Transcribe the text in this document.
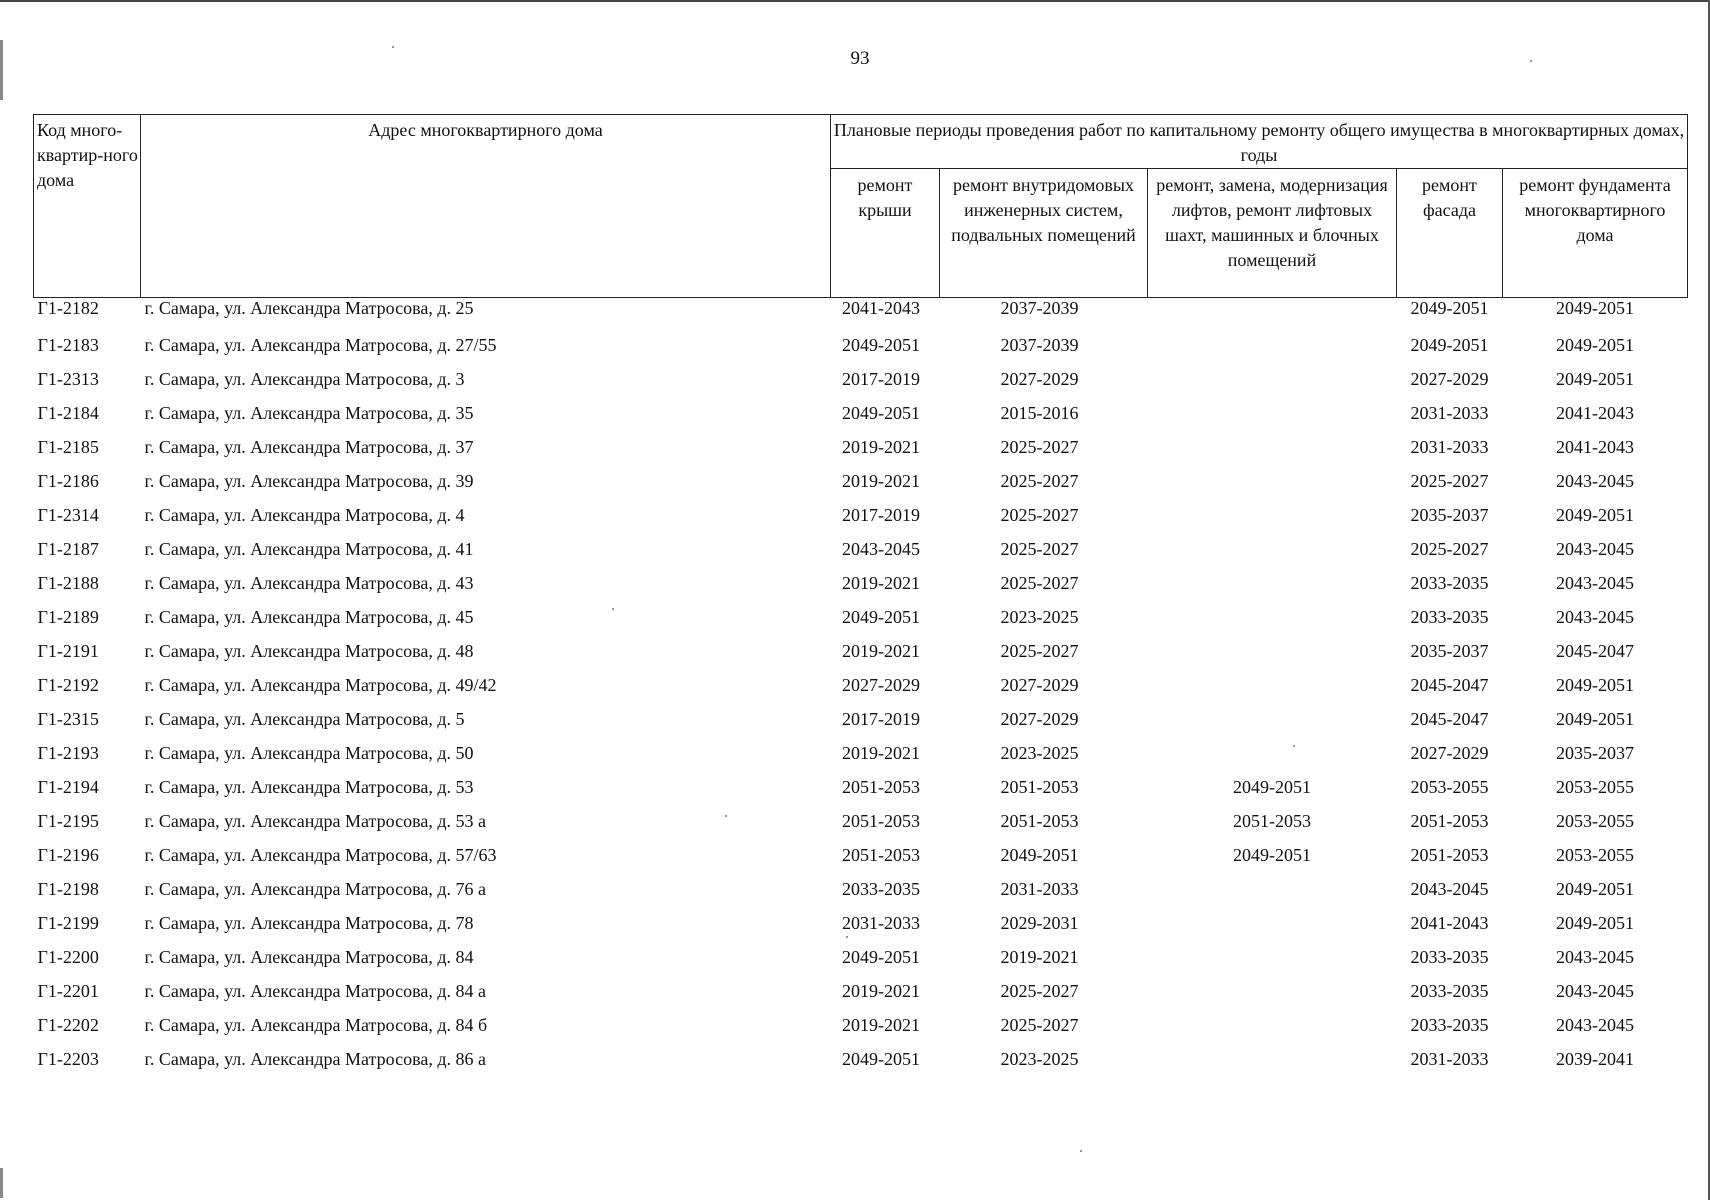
93
Код много-квартир-ного дома	Адрес многоквартирного дома	Плановые периоды проведения работ по капитальному ремонту общего имущества в многоквартирных домах, годы				
		ремонт крыши	ремонт внутридомовых инженерных систем, подвальных помещений	ремонт, замена, модернизация лифтов, ремонт лифтовых шахт, машинных и блочных помещений	ремонт фасада	ремонт фундамента многоквартирного дома
Г1-2182	г. Самара, ул. Александра Матросова, д. 25	2041-2043	2037-2039		2049-2051	2049-2051
Г1-2183	г. Самара, ул. Александра Матросова, д. 27/55	2049-2051	2037-2039		2049-2051	2049-2051
Г1-2313	г. Самара, ул. Александра Матросова, д. 3	2017-2019	2027-2029		2027-2029	2049-2051
Г1-2184	г. Самара, ул. Александра Матросова, д. 35	2049-2051	2015-2016		2031-2033	2041-2043
Г1-2185	г. Самара, ул. Александра Матросова, д. 37	2019-2021	2025-2027		2031-2033	2041-2043
Г1-2186	г. Самара, ул. Александра Матросова, д. 39	2019-2021	2025-2027		2025-2027	2043-2045
Г1-2314	г. Самара, ул. Александра Матросова, д. 4	2017-2019	2025-2027		2035-2037	2049-2051
Г1-2187	г. Самара, ул. Александра Матросова, д. 41	2043-2045	2025-2027		2025-2027	2043-2045
Г1-2188	г. Самара, ул. Александра Матросова, д. 43	2019-2021	2025-2027		2033-2035	2043-2045
Г1-2189	г. Самара, ул. Александра Матросова, д. 45	2049-2051	2023-2025		2033-2035	2043-2045
Г1-2191	г. Самара, ул. Александра Матросова, д. 48	2019-2021	2025-2027		2035-2037	2045-2047
Г1-2192	г. Самара, ул. Александра Матросова, д. 49/42	2027-2029	2027-2029		2045-2047	2049-2051
Г1-2315	г. Самара, ул. Александра Матросова, д. 5	2017-2019	2027-2029		2045-2047	2049-2051
Г1-2193	г. Самара, ул. Александра Матросова, д. 50	2019-2021	2023-2025		2027-2029	2035-2037
Г1-2194	г. Самара, ул. Александра Матросова, д. 53	2051-2053	2051-2053	2049-2051	2053-2055	2053-2055
Г1-2195	г. Самара, ул. Александра Матросова, д. 53 а	2051-2053	2051-2053	2051-2053	2051-2053	2053-2055
Г1-2196	г. Самара, ул. Александра Матросова, д. 57/63	2051-2053	2049-2051	2049-2051	2051-2053	2053-2055
Г1-2198	г. Самара, ул. Александра Матросова, д. 76 а	2033-2035	2031-2033		2043-2045	2049-2051
Г1-2199	г. Самара, ул. Александра Матросова, д. 78	2031-2033	2029-2031		2041-2043	2049-2051
Г1-2200	г. Самара, ул. Александра Матросова, д. 84	2049-2051	2019-2021		2033-2035	2043-2045
Г1-2201	г. Самара, ул. Александра Матросова, д. 84 а	2019-2021	2025-2027		2033-2035	2043-2045
Г1-2202	г. Самара, ул. Александра Матросова, д. 84 б	2019-2021	2025-2027		2033-2035	2043-2045
Г1-2203	г. Самара, ул. Александра Матросова, д. 86 а	2049-2051	2023-2025		2031-2033	2039-2041
